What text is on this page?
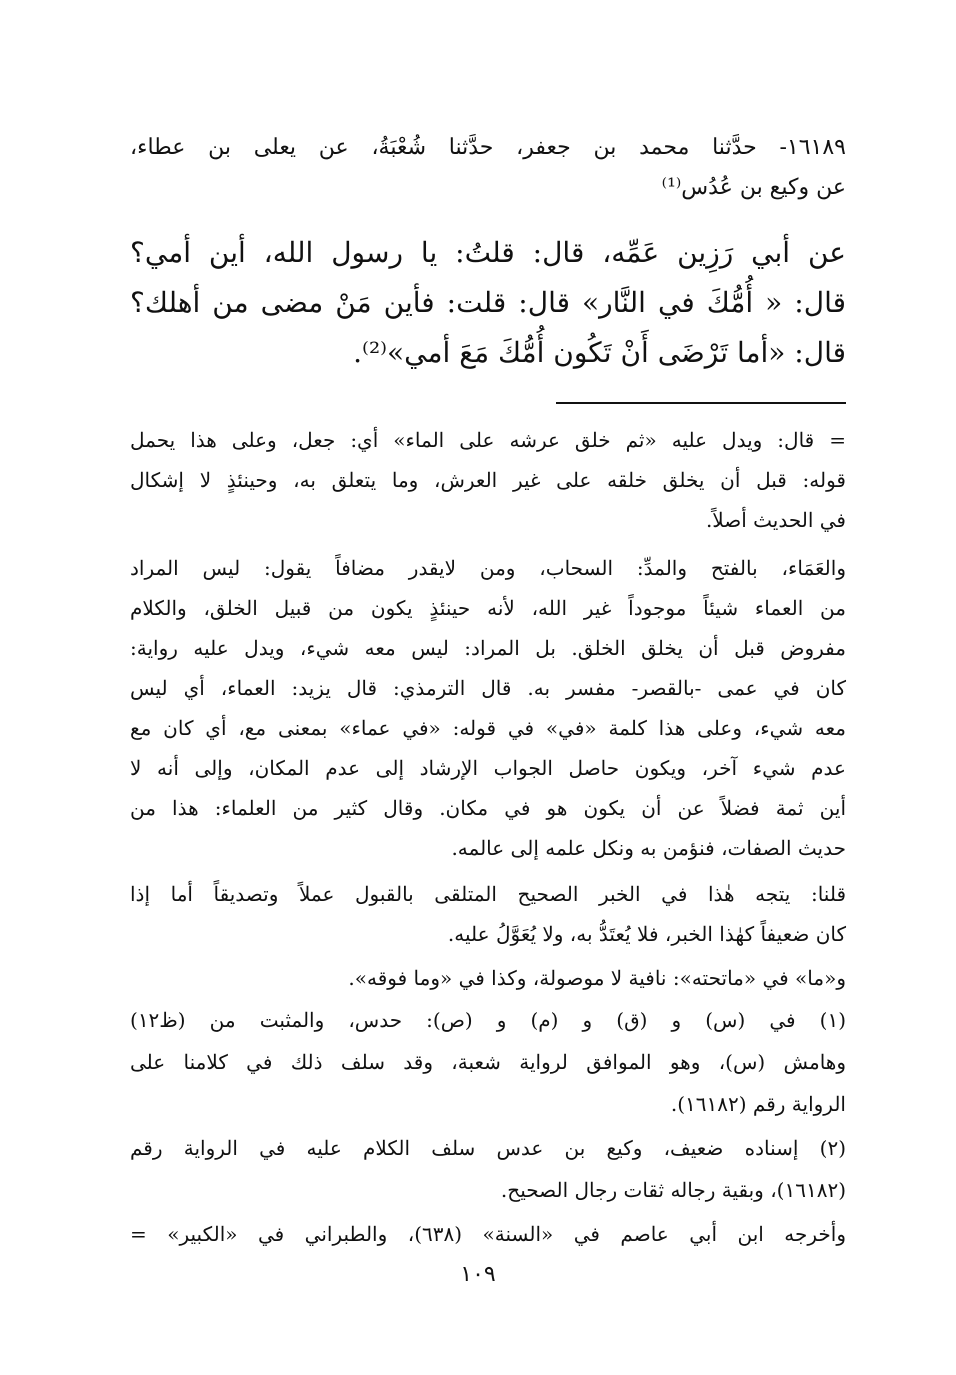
١٦١٨٩- حدَّثنا محمد بن جعفر، حدَّثنا شُعْبَةُ، عن يعلى بن عطاء،

عن وكيع بن عُدُس⁽¹⁾

عن أبي رَزِين عَمِّه، قال: قلتُ: يا رسول الله، أين أمي؟

قال: « أُمُّكَ في النَّار» قال: قلت: فأين مَنْ مضى من أهلك؟

قال: «أما تَرْضَى أَنْ تَكُون أُمُّكَ مَعَ أمي»⁽²⁾.

= قال: ويدل عليه «ثم خلق عرشه على الماء» أي: جعل، وعلى هذا يحمل

قوله: قبل أن يخلق خلقه على غير العرش، وما يتعلق به، وحينئذٍ لا إشكال

في الحديث أصلاً.

والعَمَاء، بالفتح والمدِّ: السحاب، ومن لايقدر مضافاً يقول: ليس المراد

من العماء شيئاً موجوداً غير الله، لأنه حينئذٍ يكون من قبيل الخلق، والكلام

مفروض قبل أن يخلق الخلق. بل المراد: ليس معه شيء، ويدل عليه رواية:

كان في عمى -بالقصر- مفسر به. قال الترمذي: قال يزيد: العماء، أي ليس

معه شيء، وعلى هذا كلمة «في» في قوله: «في عماء» بمعنى مع، أي كان مع

عدم شيء آخر، ويكون حاصل الجواب الإرشاد إلى عدم المكان، وإلى أنه لا

أين ثمة فضلاً عن أن يكون هو في مكان. وقال كثير من العلماء: هذا من

حديث الصفات، فنؤمن به ونكل علمه إلى عالمه.

قلنا: يتجه هٰذا في الخبر الصحيح المتلقى بالقبول عملاً وتصديقاً أما إذا

كان ضعيفاً كهٰذا الخبر، فلا يُعتَدُّ به، ولا يُعَوَّلُ عليه.

و«ما» في «ماتحته»: نافية لا موصولة، وكذا في «وما فوقه».

(١) في (س) و (ق) و (م) و (ص): حدس، والمثبت من (ظ١٢)

وهامش (س)، وهو الموافق لرواية شعبة، وقد سلف ذلك في كلامنا على

الرواية رقم (١٦١٨٢).

(٢) إسناده ضعيف، وكيع بن عدس سلف الكلام عليه في الرواية رقم

(١٦١٨٢)، وبقية رجاله ثقات رجال الصحيح.

وأخرجه ابن أبي عاصم في «السنة» (٦٣٨)، والطبراني في «الكبير» =

١٠٩
